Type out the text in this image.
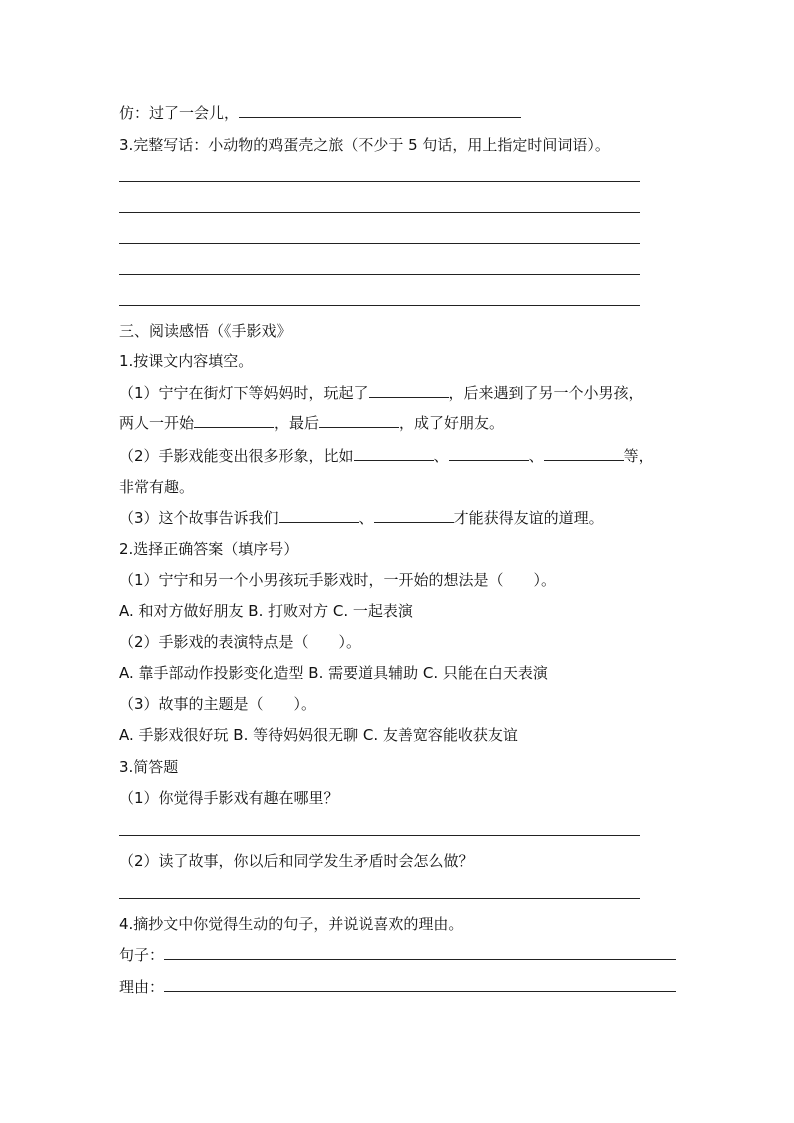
仿：过了一会儿，
3.完整写话：小动物的鸡蛋壳之旅（不少于 5 句话，用上指定时间词语）。
三、阅读感悟（《手影戏》
1.按课文内容填空。
（1）宁宁在街灯下等妈妈时，玩起了	，后来遇到了另一个小男孩，
两人一开始	，最后	，成了好朋友。
（2）手影戏能变出很多形象，比如	、	、	等，
非常有趣。
（3）这个故事告诉我们	、	才能获得友谊的道理。
2.选择正确答案（填序号）
（1）宁宁和另一个小男孩玩手影戏时，一开始的想法是（　　）。
A. 和对方做好朋友 B. 打败对方 C. 一起表演
（2）手影戏的表演特点是（　　）。
A. 靠手部动作投影变化造型 B. 需要道具辅助 C. 只能在白天表演
（3）故事的主题是（　　）。
A. 手影戏很好玩 B. 等待妈妈很无聊 C. 友善宽容能收获友谊
3.简答题
（1）你觉得手影戏有趣在哪里？
（2）读了故事，你以后和同学发生矛盾时会怎么做？
4.摘抄文中你觉得生动的句子，并说说喜欢的理由。
句子：
理由：
